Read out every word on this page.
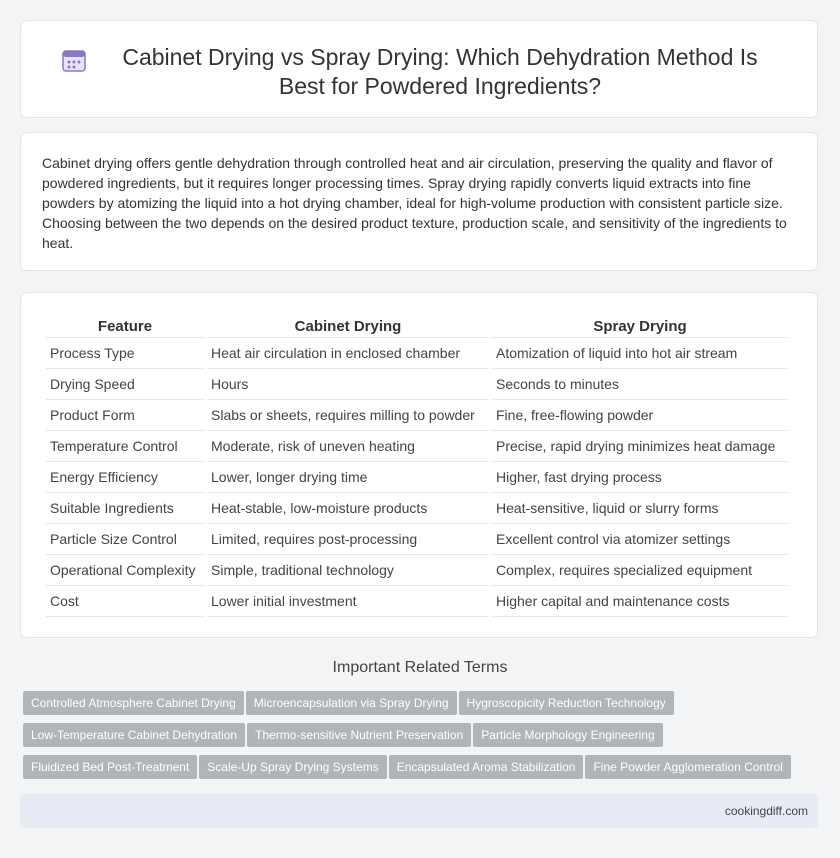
Cabinet Drying vs Spray Drying: Which Dehydration Method Is Best for Powdered Ingredients?

Cabinet drying offers gentle dehydration through controlled heat and air circulation, preserving the quality and flavor of powdered ingredients, but it requires longer processing times. Spray drying rapidly converts liquid extracts into fine powders by atomizing the liquid into a hot drying chamber, ideal for high-volume production with consistent particle size. Choosing between the two depends on the desired product texture, production scale, and sensitivity of the ingredients to heat.

Feature	Cabinet Drying	Spray Drying
Process Type	Heat air circulation in enclosed chamber	Atomization of liquid into hot air stream
Drying Speed	Hours	Seconds to minutes
Product Form	Slabs or sheets, requires milling to powder	Fine, free-flowing powder
Temperature Control	Moderate, risk of uneven heating	Precise, rapid drying minimizes heat damage
Energy Efficiency	Lower, longer drying time	Higher, fast drying process
Suitable Ingredients	Heat-stable, low-moisture products	Heat-sensitive, liquid or slurry forms
Particle Size Control	Limited, requires post-processing	Excellent control via atomizer settings
Operational Complexity	Simple, traditional technology	Complex, requires specialized equipment
Cost	Lower initial investment	Higher capital and maintenance costs
Important Related Terms
Controlled Atmosphere Cabinet Drying Microencapsulation via Spray Drying Hygroscopicity Reduction Technology
Low-Temperature Cabinet Dehydration Thermo-sensitive Nutrient Preservation Particle Morphology Engineering
Fluidized Bed Post-Treatment Scale-Up Spray Drying Systems Encapsulated Aroma Stabilization Fine Powder Agglomeration Control
cookingdiff.com
